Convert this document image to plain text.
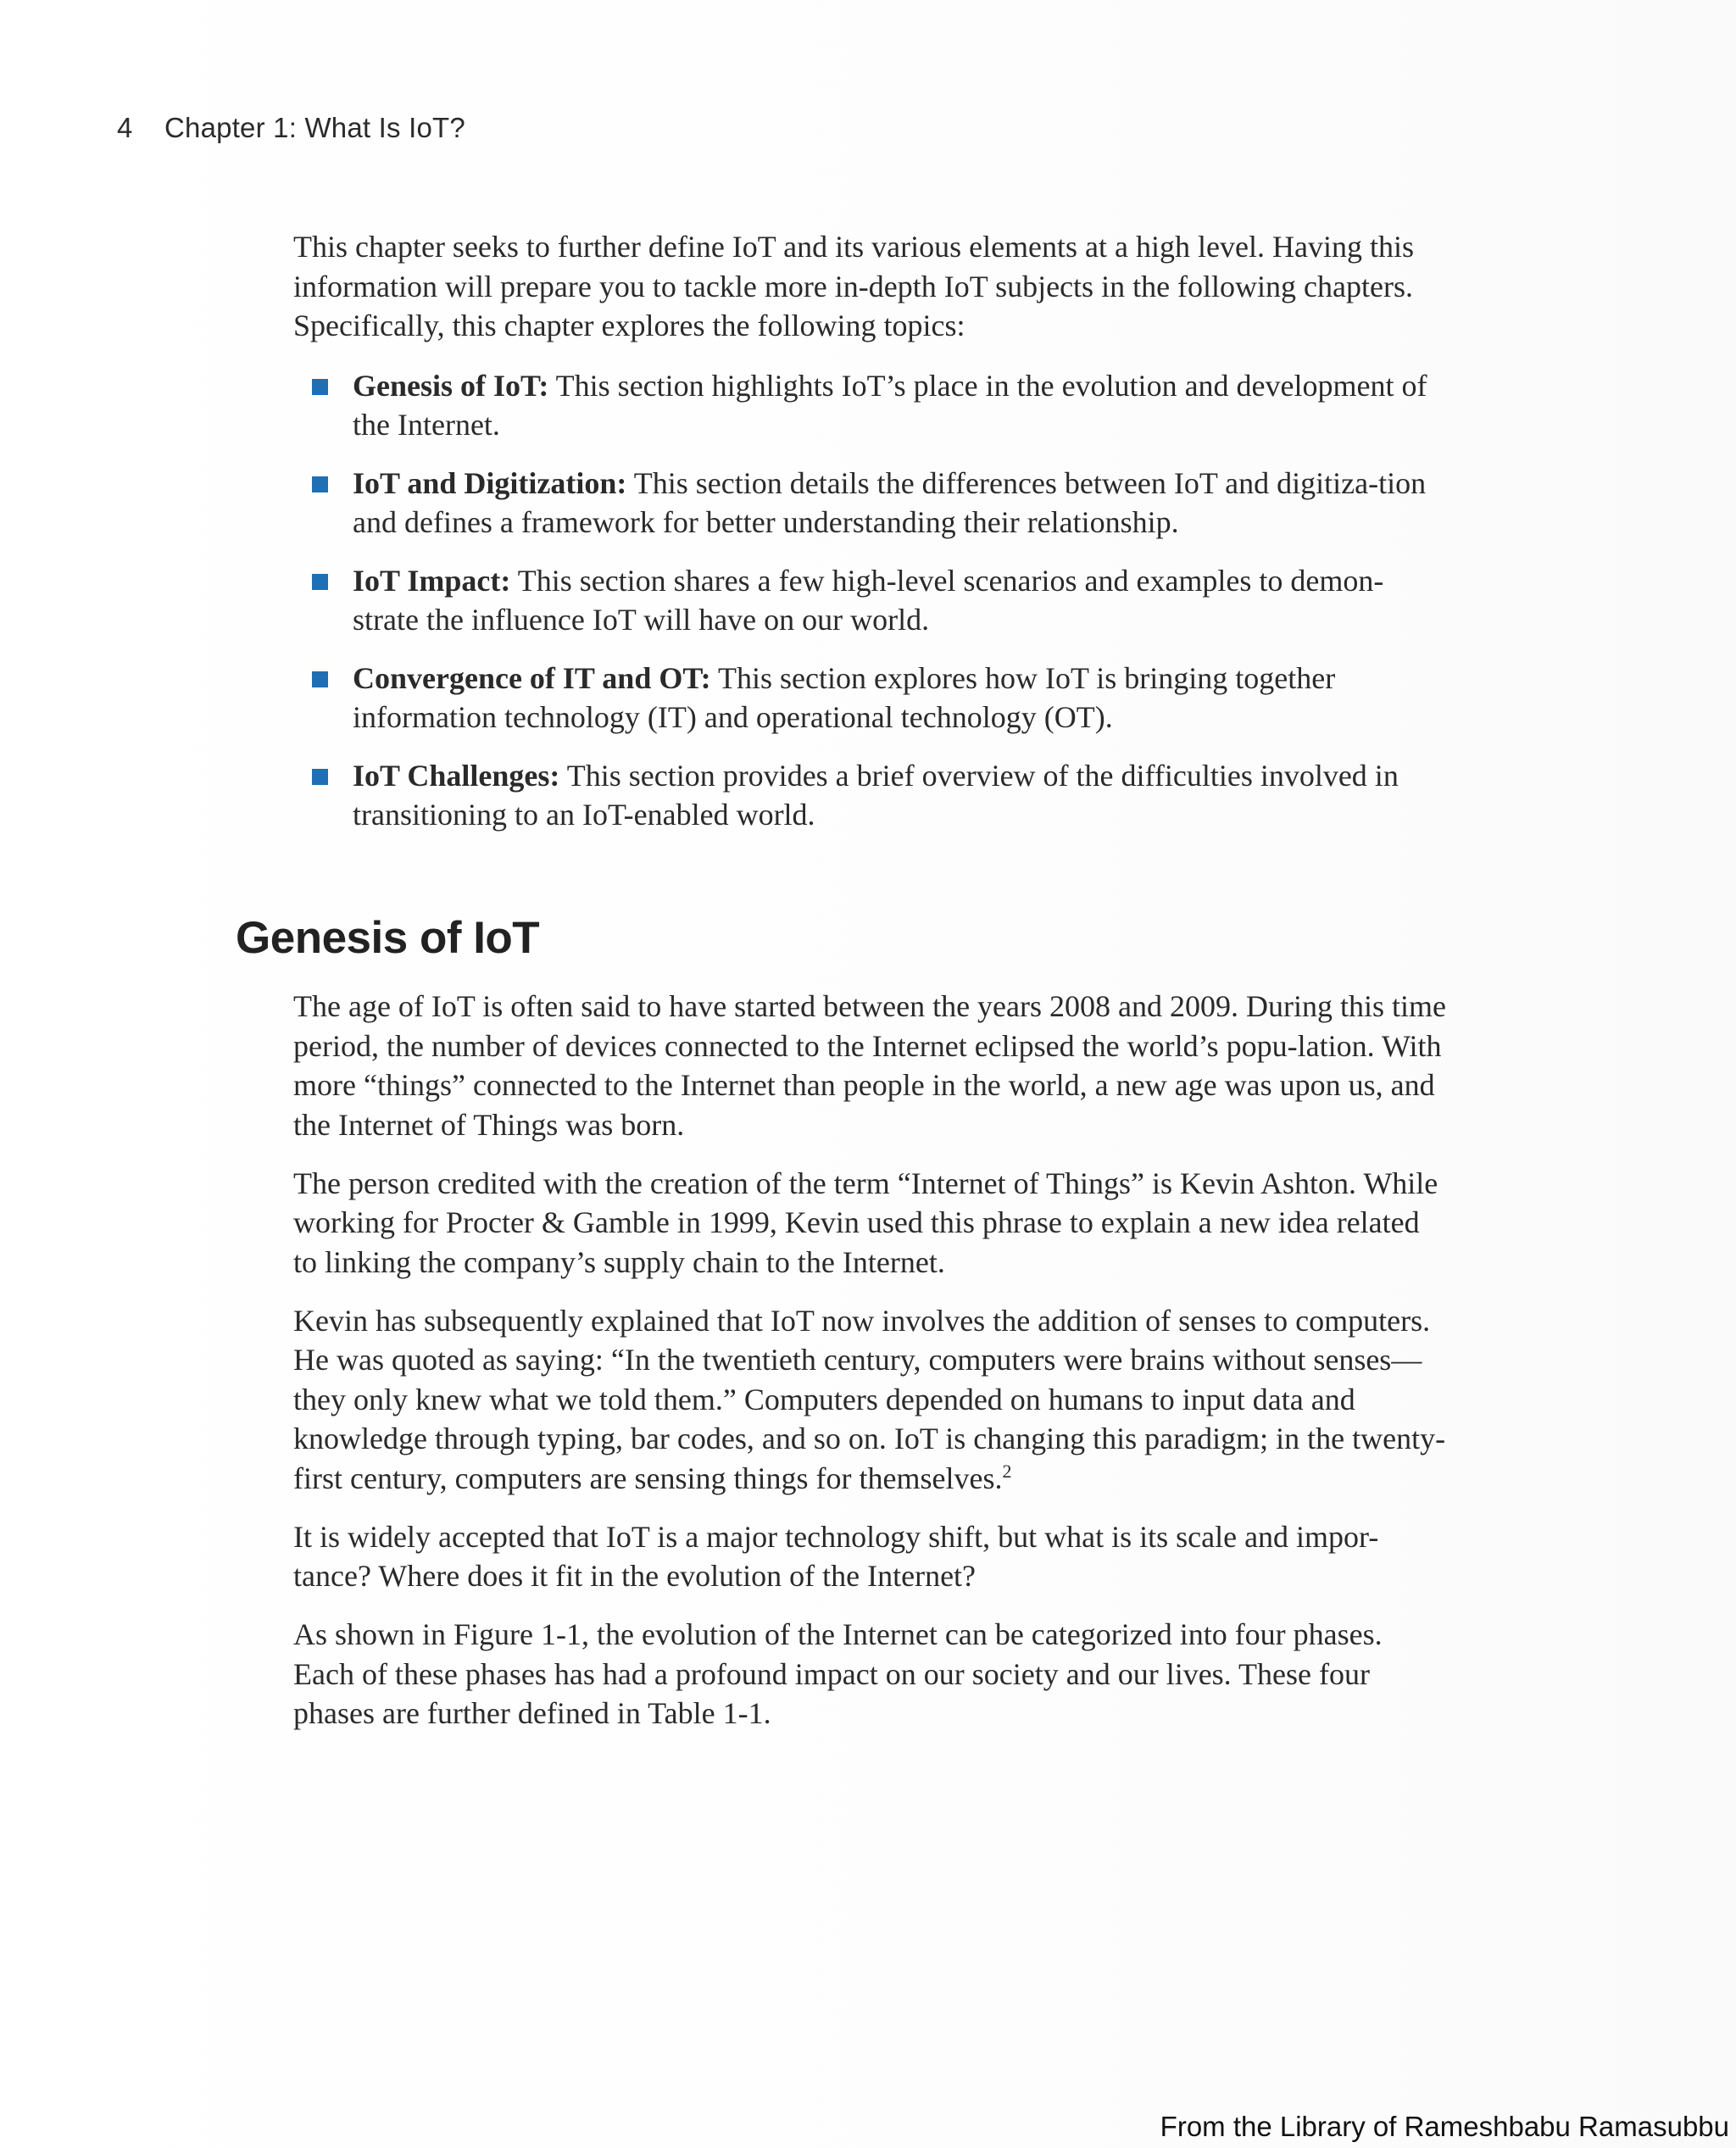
4 Chapter 1: What Is IoT?

This chapter seeks to further define IoT and its various elements at a high level. Having this information will prepare you to tackle more in-depth IoT subjects in the following chapters. Specifically, this chapter explores the following topics:

Genesis of IoT: This section highlights IoT’s place in the evolution and development of the Internet.
IoT and Digitization: This section details the differences between IoT and digitiza-tion and defines a framework for better understanding their relationship.
IoT Impact: This section shares a few high-level scenarios and examples to demon-strate the influence IoT will have on our world.
Convergence of IT and OT: This section explores how IoT is bringing together information technology (IT) and operational technology (OT).
IoT Challenges: This section provides a brief overview of the difficulties involved in transitioning to an IoT-enabled world.
Genesis of IoT

The age of IoT is often said to have started between the years 2008 and 2009. During this time period, the number of devices connected to the Internet eclipsed the world’s popu-lation. With more “things” connected to the Internet than people in the world, a new age was upon us, and the Internet of Things was born.

The person credited with the creation of the term “Internet of Things” is Kevin Ashton. While working for Procter & Gamble in 1999, Kevin used this phrase to explain a new idea related to linking the company’s supply chain to the Internet.

Kevin has subsequently explained that IoT now involves the addition of senses to computers. He was quoted as saying: “In the twentieth century, computers were brains without senses—they only knew what we told them.” Computers depended on humans to input data and knowledge through typing, bar codes, and so on. IoT is changing this paradigm; in the twenty-first century, computers are sensing things for themselves.$^2$

It is widely accepted that IoT is a major technology shift, but what is its scale and impor-tance? Where does it fit in the evolution of the Internet?

As shown in Figure 1-1, the evolution of the Internet can be categorized into four phases. Each of these phases has had a profound impact on our society and our lives. These four phases are further defined in Table 1-1.

From the Library of Rameshbabu Ramasubbu
